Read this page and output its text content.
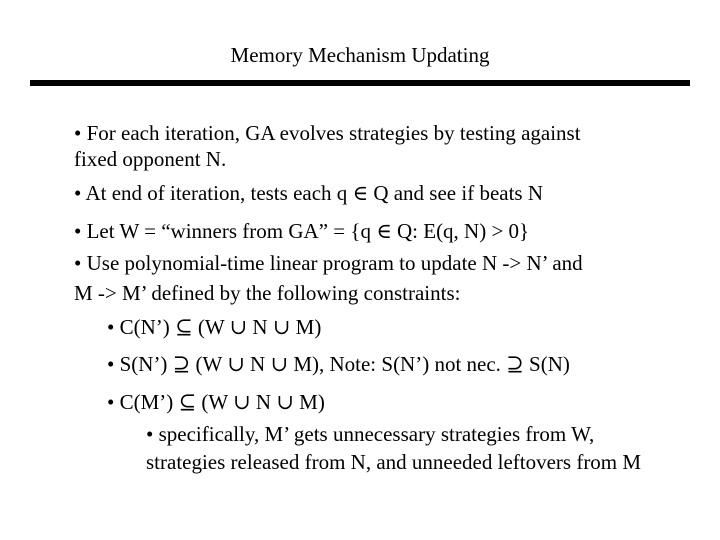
Memory Mechanism Updating
• For each iteration, GA evolves strategies by testing against
fixed opponent N.
• At end of iteration, tests each q ∈ Q and see if beats N
• Let W = “winners from GA” = {q ∈ Q: E(q, N) > 0}
• Use polynomial-time linear program to update N -> N’ and
M -> M’ defined by the following constraints:
• C(N’) ⊆ (W ∪ N ∪ M)
• S(N’) ⊇ (W ∪ N ∪ M), Note: S(N’) not nec. ⊇ S(N)
• C(M’) ⊆ (W ∪ N ∪ M)
• specifically, M’ gets unnecessary strategies from W,
strategies released from N, and unneeded leftovers from M
